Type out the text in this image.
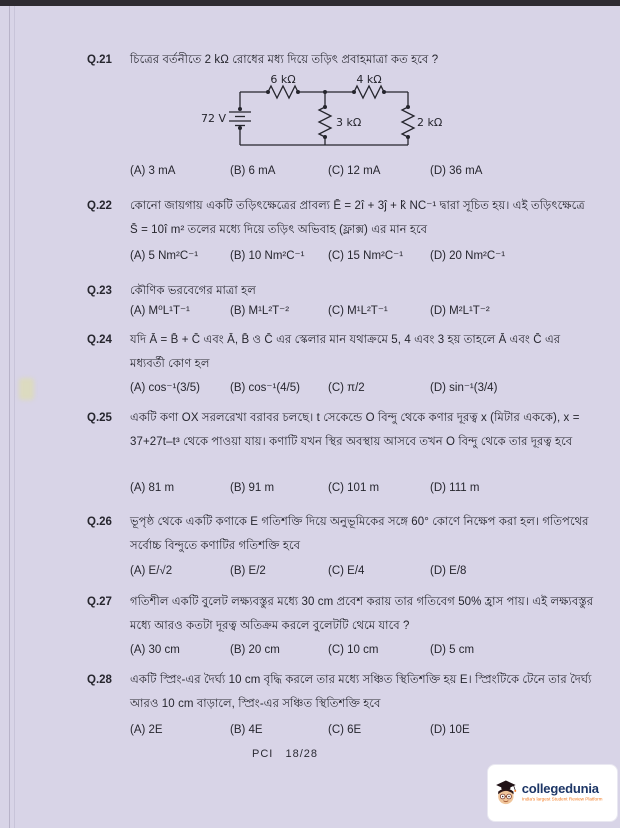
Q.21	চিত্রের বর্তনীতে 2 kΩ রোধের মধ্য দিয়ে তড়িৎ প্রবাহমাত্রা কত হবে ?

6 kΩ	4 kΩ
3 kΩ	2 kΩ
72 V
(A) 3 mA	(B) 6 mA	(C) 12 mA	(D) 36 mA
Q.22	কোনো জায়গায় একটি তড়িৎক্ষেত্রের প্রাবল্য Ē = 2î + 3ĵ + k̂ NC⁻¹ দ্বারা সূচিত হয়। এই তড়িৎক্ষেত্রে S̄ = 10î m² তলের মধ্যে দিয়ে তড়িৎ অভিবাহ (ফ্লাক্স) এর মান হবে

(A) 5 Nm²C⁻¹	(B) 10 Nm²C⁻¹	(C) 15 Nm²C⁻¹	(D) 20 Nm²C⁻¹
Q.23	কৌণিক ভরবেগের মাত্রা হল

(A) M⁰L¹T⁻¹	(B) M¹L²T⁻²	(C) M¹L²T⁻¹	(D) M²L¹T⁻²
Q.24	যদি Ā = B̄ + C̄ এবং Ā, B̄ ও C̄ এর স্কেলার মান যথাক্রমে 5, 4 এবং 3 হয় তাহলে Ā এবং C̄ এর মধ্যবর্তী কোণ হল

(A) cos⁻¹(3/5)	(B) cos⁻¹(4/5)	(C) π/2	(D) sin⁻¹(3/4)
Q.25	একটি কণা OX সরলরেখা বরাবর চলছে। t সেকেন্ডে O বিন্দু থেকে কণার দূরত্ব x (মিটার এককে), x = 37+27t–t³ থেকে পাওয়া যায়। কণাটি যখন স্থির অবস্থায় আসবে তখন O বিন্দু থেকে তার দূরত্ব হবে

(A) 81 m	(B) 91 m	(C) 101 m	(D) 111 m
Q.26	ভূপৃষ্ঠ থেকে একটি কণাকে E গতিশক্তি দিয়ে অনুভূমিকের সঙ্গে 60° কোণে নিক্ষেপ করা হল। গতিপথের সর্বোচ্চ বিন্দুতে কণাটির গতিশক্তি হবে

(A) E/√2	(B) E/2	(C) E/4	(D) E/8
Q.27	গতিশীল একটি বুলেট লক্ষ্যবস্তুর মধ্যে 30 cm প্রবেশ করায় তার গতিবেগ 50% হ্রাস পায়। এই লক্ষ্যবস্তুর মধ্যে আরও কতটা দূরত্ব অতিক্রম করলে বুলেটটি থেমে যাবে ?

(A) 30 cm	(B) 20 cm	(C) 10 cm	(D) 5 cm
Q.28	একটি স্প্রিং-এর দৈর্ঘ্য 10 cm বৃদ্ধি করলে তার মধ্যে সঞ্চিত স্থিতিশক্তি হয় E। স্প্রিংটিকে টেনে তার দৈর্ঘ্য আরও 10 cm বাড়ালে, স্প্রিং-এর সঞ্চিত স্থিতিশক্তি হবে

(A) 2E	(B) 4E	(C) 6E	(D) 10E
PCI   18/28
collegedunia
India's largest Student Review Platform
